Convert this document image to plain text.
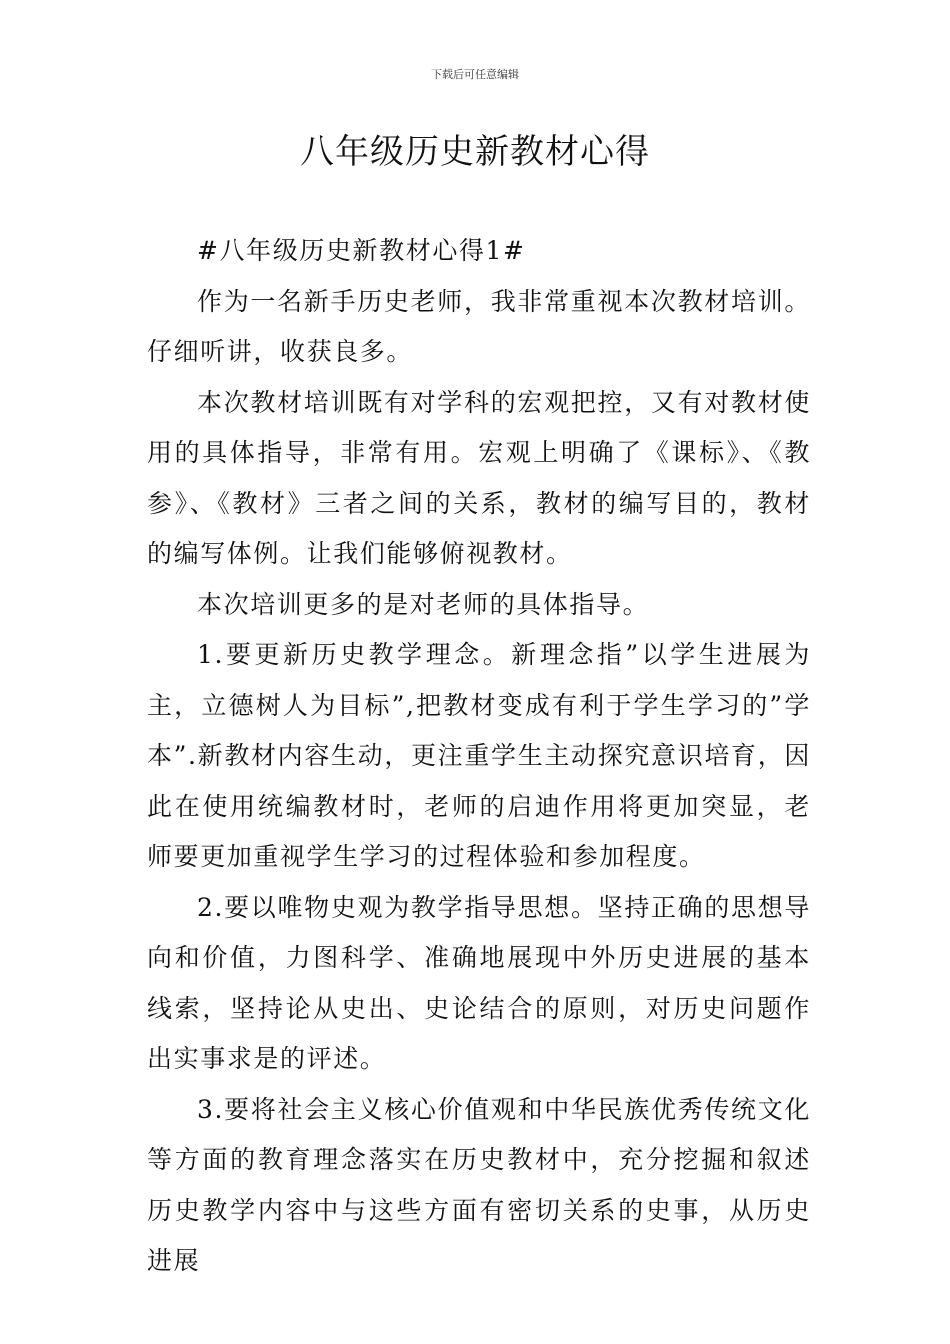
下载后可任意编辑
八年级历史新教材心得

#八年级历史新教材心得1#

作为一名新手历史老师，我非常重视本次教材培训。仔细听讲，收获良多。

本次教材培训既有对学科的宏观把控，又有对教材使用的具体指导，非常有用。宏观上明确了《课标》、《教参》、《教材》三者之间的关系，教材的编写目的，教材的编写体例。让我们能够俯视教材。

本次培训更多的是对老师的具体指导。

1.要更新历史教学理念。新理念指”以学生进展为主，立德树人为目标”,把教材变成有利于学生学习的”学本”.新教材内容生动，更注重学生主动探究意识培育，因此在使用统编教材时，老师的启迪作用将更加突显，老师要更加重视学生学习的过程体验和参加程度。

2.要以唯物史观为教学指导思想。坚持正确的思想导向和价值，力图科学、准确地展现中外历史进展的基本线索，坚持论从史出、史论结合的原则，对历史问题作出实事求是的评述。

3.要将社会主义核心价值观和中华民族优秀传统文化等方面的教育理念落实在历史教材中，充分挖掘和叙述历史教学内容中与这些方面有密切关系的史事，从历史进展
